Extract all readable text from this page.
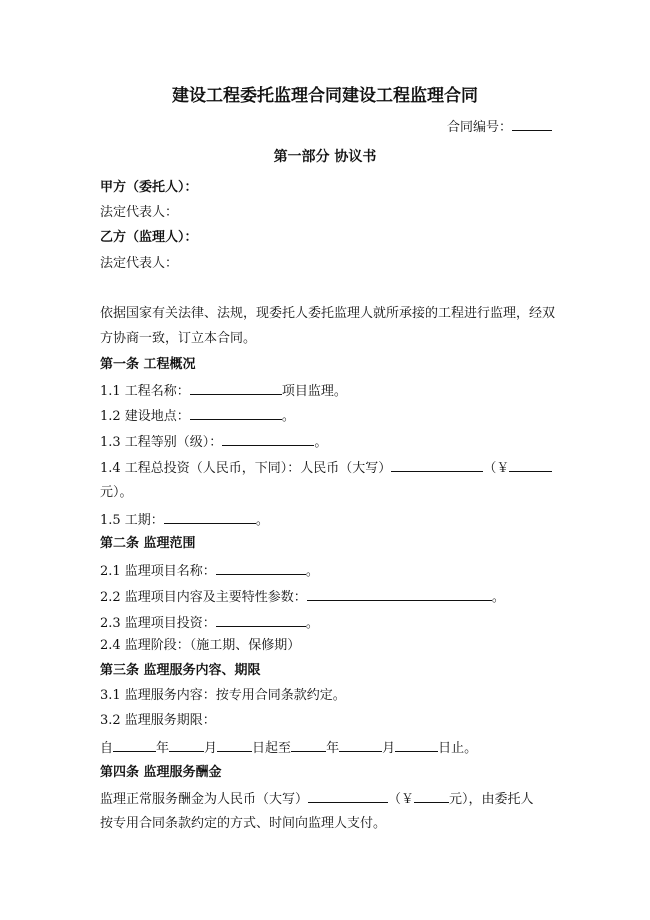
建设工程委托监理合同建设工程监理合同
合同编号：
第一部分 协议书
甲方（委托人）：
法定代表人：
乙方（监理人）：
法定代表人：
依据国家有关法律、法规，现委托人委托监理人就所承接的工程进行监理，经双
方协商一致，订立本合同。
第一条 工程概况
1.1 工程名称：	项目监理。
1.2 建设地点：	。
1.3 工程等别（级）：	。
1.4 工程总投资（人民币，下同）：人民币（大写）	（￥
元）。
1.5 工期：	。
第二条 监理范围
2.1 监理项目名称：	。
2.2 监理项目内容及主要特性参数：	。
2.3 监理项目投资：	。
2.4 监理阶段：（施工期、保修期）
第三条 监理服务内容、期限
3.1 监理服务内容：按专用合同条款约定。
3.2 监理服务期限：
自	年	月	日起至	年	月	日止。
第四条 监理服务酬金
监理正常服务酬金为人民币（大写）	（￥	元），由委托人
按专用合同条款约定的方式、时间向监理人支付。
